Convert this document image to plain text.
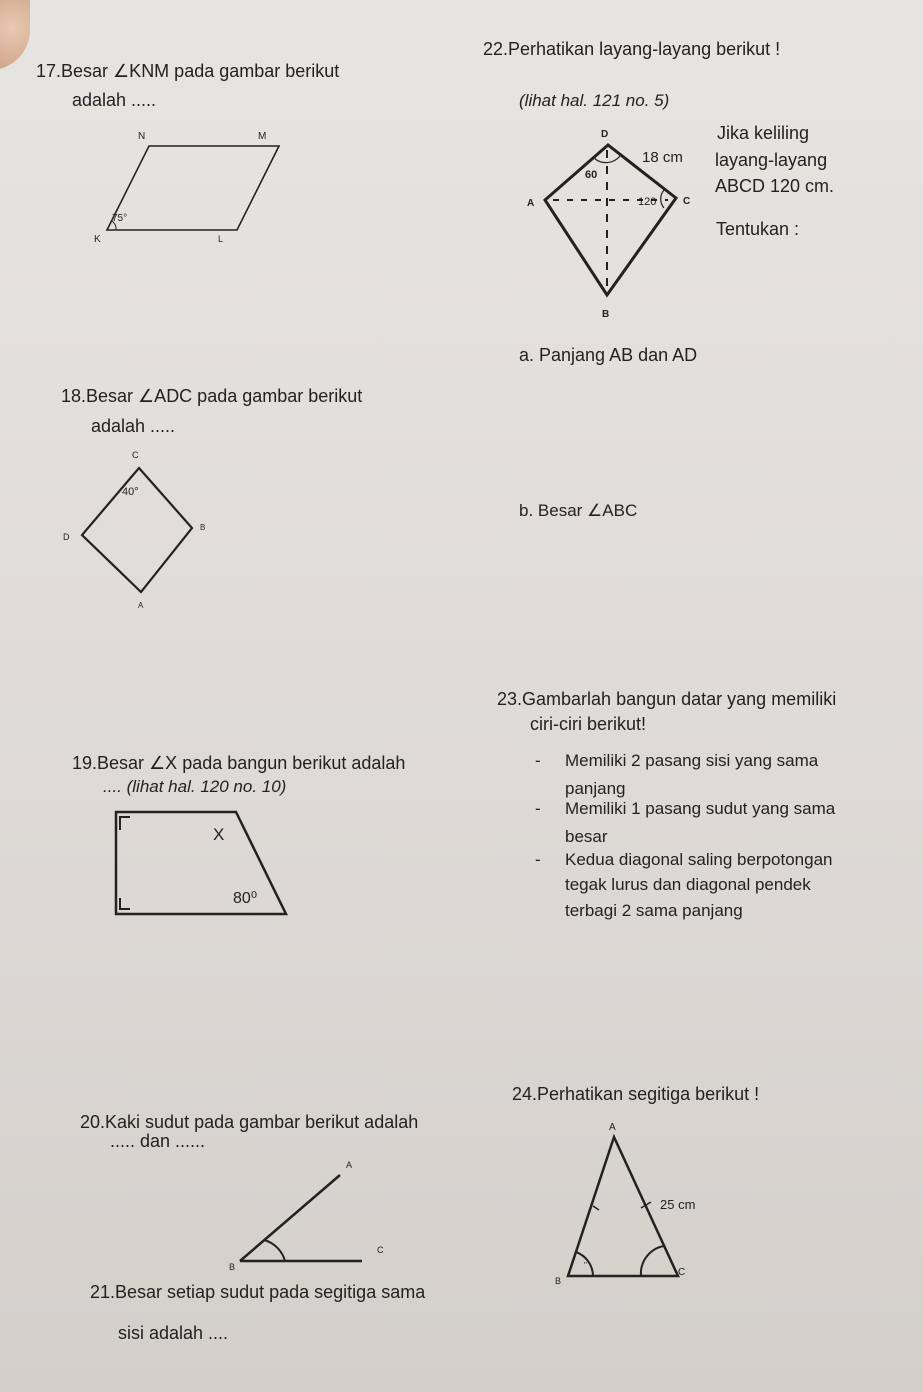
17.Besar ∠KNM pada gambar berikut
adalah .....
N	M
K	L
75°
22.Perhatikan layang-layang berikut !
(lihat hal. 121 no. 5)
Jika keliling
layang-layang
ABCD 120 cm.
Tentukan :
a. Panjang AB dan AD
b. Besar ∠ABC
D
A	C
B
18 cm
60
120
18.Besar ∠ADC pada gambar berikut
adalah .....
C
D
B
A
40°
23.Gambarlah bangun datar yang memiliki
ciri-ciri berikut!
- Memiliki 2 pasang sisi yang sama
panjang
- Memiliki 1 pasang sudut yang sama
besar
- Kedua diagonal saling berpotongan
tegak lurus dan diagonal pendek
terbagi 2 sama panjang
19.Besar ∠X pada bangun berikut adalah
.... (lihat hal. 120 no. 10)
X
80⁰
20.Kaki sudut pada gambar berikut adalah
..... dan ......
A
B
C
21.Besar setiap sudut pada segitiga sama
sisi adalah ....
24.Perhatikan segitiga berikut !
A
B
C
25 cm
"
